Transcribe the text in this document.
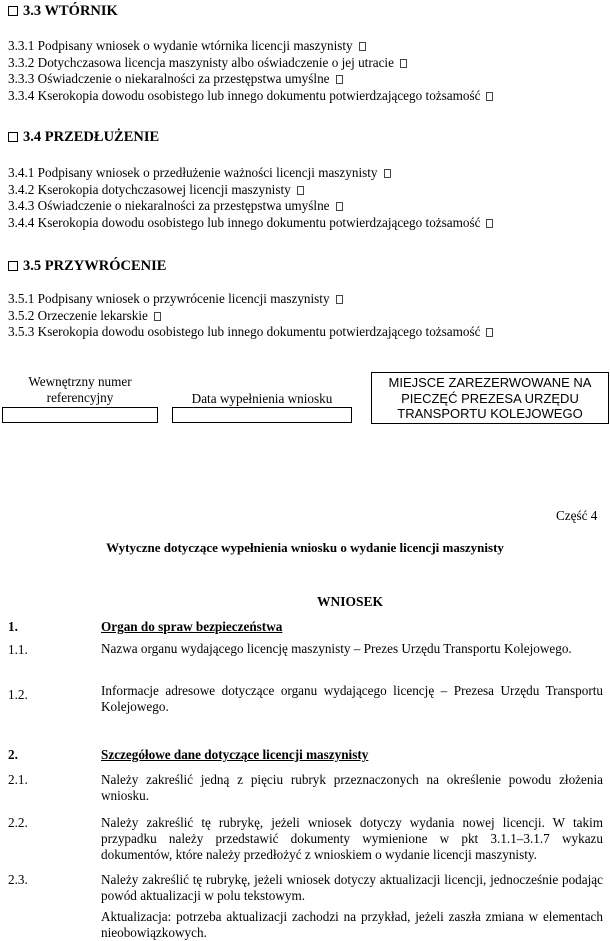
3.3 WTÓRNIK
3.3.1 Podpisany wniosek o wydanie wtórnika licencji maszynisty
3.3.2 Dotychczasowa licencja maszynisty albo oświadczenie o jej utracie
3.3.3 Oświadczenie o niekaralności za przestępstwa umyślne
3.3.4 Kserokopia dowodu osobistego lub innego dokumentu potwierdzającego tożsamość
3.4 PRZEDŁUŻENIE
3.4.1 Podpisany wniosek o przedłużenie ważności licencji maszynisty
3.4.2 Kserokopia dotychczasowej licencji maszynisty
3.4.3 Oświadczenie o niekaralności za przestępstwa umyślne
3.4.4 Kserokopia dowodu osobistego lub innego dokumentu potwierdzającego tożsamość
3.5 PRZYWRÓCENIE
3.5.1 Podpisany wniosek o przywrócenie licencji maszynisty
3.5.2 Orzeczenie lekarskie
3.5.3 Kserokopia dowodu osobistego lub innego dokumentu potwierdzającego tożsamość
Wewnętrzny numer
referencyjny	Data wypełnienia wniosku
MIEJSCE ZAREZERWOWANE NA
PIECZĘĆ PREZESA URZĘDU
TRANSPORTU KOLEJOWEGO
Część 4
Wytyczne dotyczące wypełnienia wniosku o wydanie licencji maszynisty
WNIOSEK
1.	Organ do spraw bezpieczeństwa
1.1.	Nazwa organu wydającego licencję maszynisty – Prezes Urzędu Transportu Kolejowego.
1.2.	Informacje adresowe dotyczące organu wydającego licencję – Prezesa Urzędu Transportu Kolejowego.
2.	Szczegółowe dane dotyczące licencji maszynisty
2.1.	Należy zakreślić jedną z pięciu rubryk przeznaczonych na określenie powodu złożenia wniosku.
2.2.	Należy zakreślić tę rubrykę, jeżeli wniosek dotyczy wydania nowej licencji. W takim przypadku należy przedstawić dokumenty wymienione w pkt 3.1.1–3.1.7 wykazu dokumentów, które należy przedłożyć z wnioskiem o wydanie licencji maszynisty.
2.3.	Należy zakreślić tę rubrykę, jeżeli wniosek dotyczy aktualizacji licencji, jednocześnie podając powód aktualizacji w polu tekstowym.
Aktualizacja: potrzeba aktualizacji zachodzi na przykład, jeżeli zaszła zmiana w elementach nieobowiązkowych.
